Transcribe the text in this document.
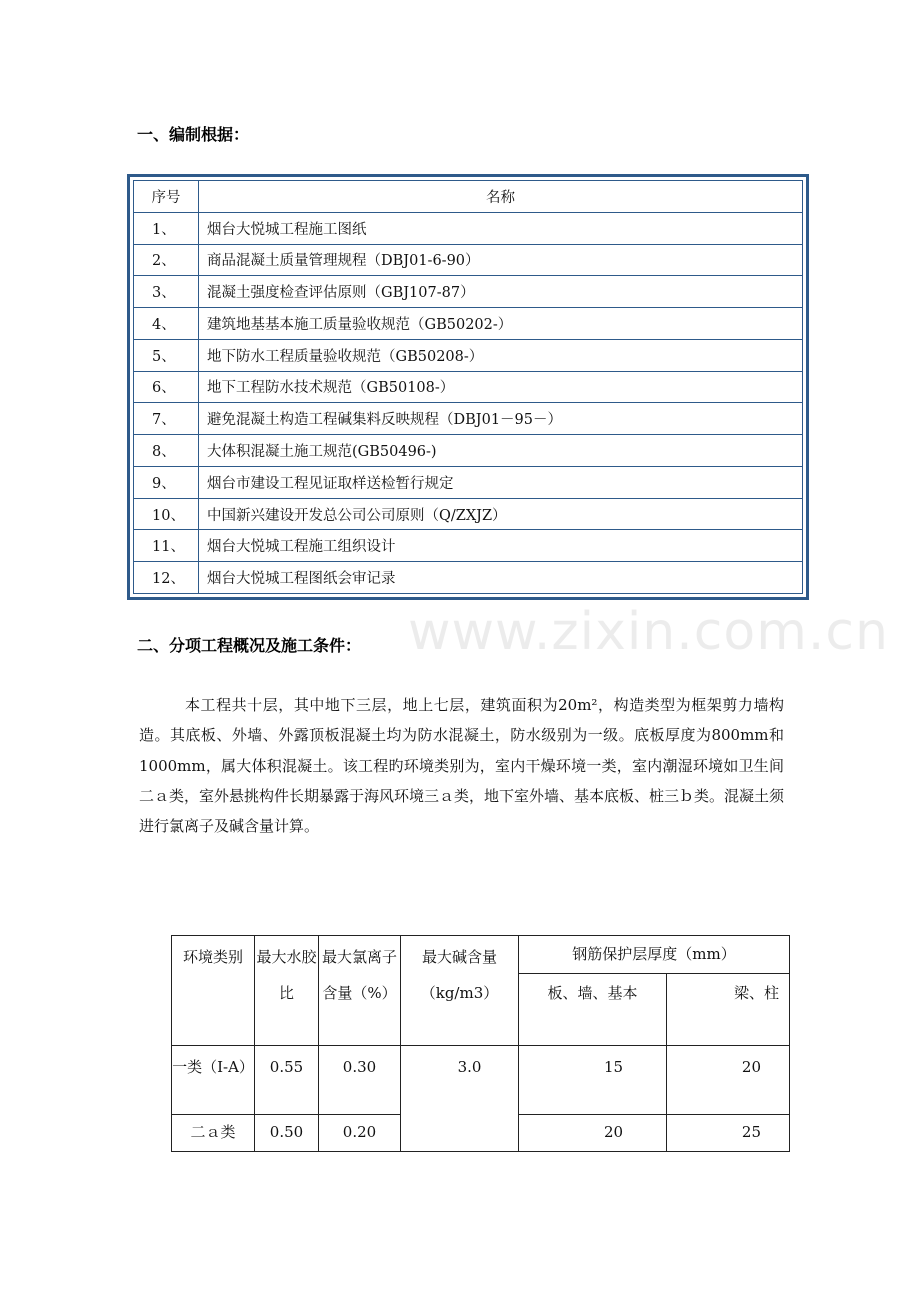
一、编制根据：
序号	名称
1、	烟台大悦城工程施工图纸
2、	商品混凝土质量管理规程（DBJ01-6-90）
3、	混凝土强度检查评估原则（GBJ107-87）
4、	建筑地基基本施工质量验收规范（GB50202-）
5、	地下防水工程质量验收规范（GB50208-）
6、	地下工程防水技术规范（GB50108-）
7、	避免混凝土构造工程碱集料反映规程（DBJ01－95－）
8、	大体积混凝土施工规范(GB50496-)
9、	烟台市建设工程见证取样送检暂行规定
10、	中国新兴建设开发总公司公司原则（Q/ZXJZ）
11、	烟台大悦城工程施工组织设计
12、	烟台大悦城工程图纸会审记录
www.zixin.com.cn
二、分项工程概况及施工条件：

本工程共十层，其中地下三层，地上七层，建筑面积为20m²，构造类型为框架剪力墙构造。其底板、外墙、外露顶板混凝土均为防水混凝土，防水级别为一级。底板厚度为800mm和1000mm，属大体积混凝土。该工程旳环境类别为，室内干燥环境一类，室内潮湿环境如卫生间二ａ类，室外悬挑构件长期暴露于海风环境三ａ类，地下室外墙、基本底板、桩三ｂ类。混凝土须进行氯离子及碱含量计算。

环境类别	最大水胶比	最大氯离子含量（%）	最大碱含量（kg/m3）	钢筋保护层厚度（mm）	
				板、墙、基本	梁、柱
一类（I-A）	0.55	0.30	3.0	15	20
二ａ类	0.50	0.20		20	25
